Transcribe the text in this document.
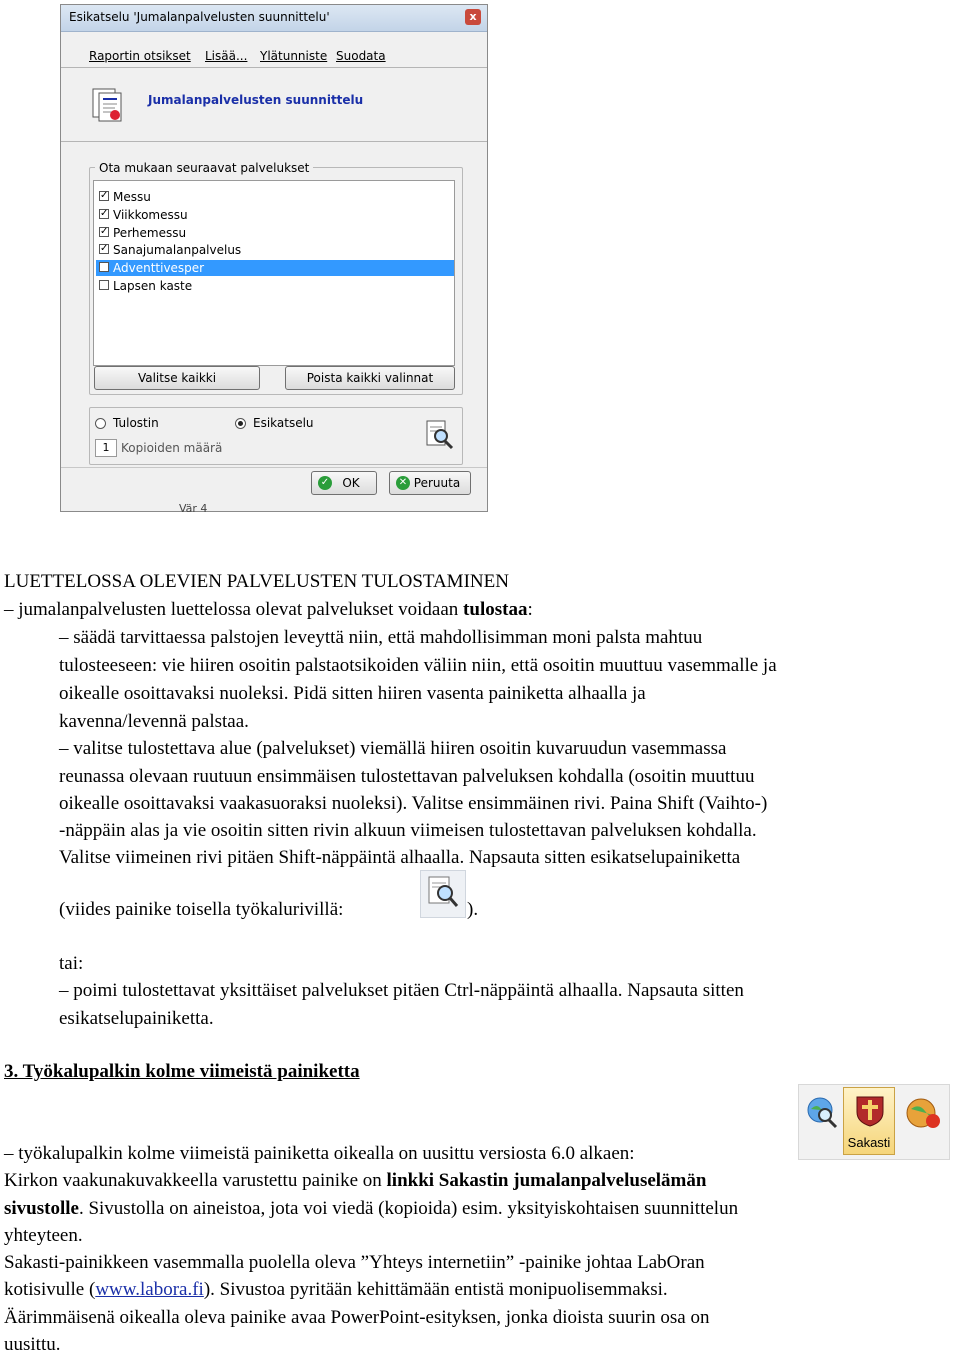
Esikatselu 'Jumalanpalvelusten suunnittelu'	x
Raportin otsikset Lisää... Ylätunniste Suodata
Jumalanpalvelusten suunnittelu
Ota mukaan seuraavat palvelukset
✓ Messu
✓ Viikkomessu
✓ Perhemessu
✓ Sanajumalanpalvelus
Adventtivesper
Lapsen kaste
Valitse kaikki	Poista kaikki valinnat
Tulostin	Esikatselu
1 Kopioiden määrä
✓ OK	✕ Peruuta
Vär 4
LUETTELOSSA OLEVIEN PALVELUSTEN TULOSTAMINEN
– jumalanpalvelusten luettelossa olevat palvelukset voidaan tulostaa:
– säädä tarvittaessa palstojen leveyttä niin, että mahdollisimman moni palsta mahtuu
tulosteeseen: vie hiiren osoitin palstaotsikoiden väliin niin, että osoitin muuttuu vasemmalle ja
oikealle osoittavaksi nuoleksi. Pidä sitten hiiren vasenta painiketta alhaalla ja
kavenna/levennä palstaa.
– valitse tulostettava alue (palvelukset) viemällä hiiren osoitin kuvaruudun vasemmassa
reunassa olevaan ruutuun ensimmäisen tulostettavan palveluksen kohdalla (osoitin muuttuu
oikealle osoittavaksi vaakasuoraksi nuoleksi). Valitse ensimmäinen rivi. Paina Shift (Vaihto-)
-näppäin alas ja vie osoitin sitten rivin alkuun viimeisen tulostettavan palveluksen kohdalla.
Valitse viimeinen rivi pitäen Shift-näppäintä alhaalla. Napsauta sitten esikatselupainiketta
(viides painike toisella työkalurivillä:	).
tai:
– poimi tulostettavat yksittäiset palvelukset pitäen Ctrl-näppäintä alhaalla. Napsauta sitten
esikatselupainiketta.
3. Työkalupalkin kolme viimeistä painiketta
Sakasti
– työkalupalkin kolme viimeistä painiketta oikealla on uusittu versiosta 6.0 alkaen:
Kirkon vaakunakuvakkeella varustettu painike on linkki Sakastin jumalanpalveluselämän
sivustolle. Sivustolla on aineistoa, jota voi viedä (kopioida) esim. yksityiskohtaisen suunnittelun
yhteyteen.
Sakasti-painikkeen vasemmalla puolella oleva ”Yhteys internetiin” -painike johtaa LabOran
kotisivulle (www.labora.fi). Sivustoa pyritään kehittämään entistä monipuolisemmaksi.
Äärimmäisenä oikealla oleva painike avaa PowerPoint-esityksen, jonka dioista suurin osa on
uusittu.
